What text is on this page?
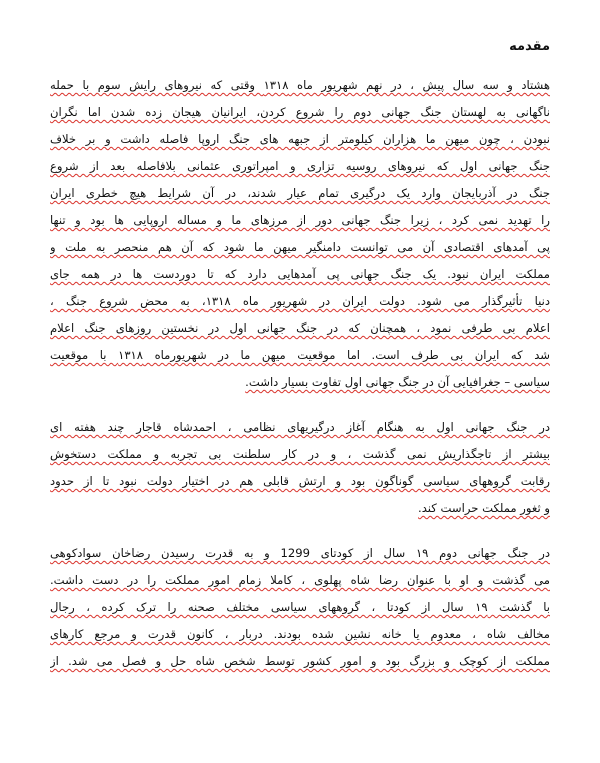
مقدمه

هشتاد و سه سال پیش ، در نهم شهریور ماه ۱۳۱۸ وقتی که نیروهای رایش سوم با حمله
ناگهانی به لهستان جنگ جهانی دوم را شروع کردن، ایرانیان هیجان زده شدن اما نگران
نبودن ، چون میهن ما هزاران کیلومتر از جبهه های جنگ اروپا فاصله داشت و بر خلاف
جنگ جهانی اول که نیروهای روسیه تزاری و امپراتوری عثمانی بلافاصله بعد از شروع
جنگ در آذربایجان وارد یک درگیری تمام عیار شدند، در آن شرایط هیچ خطری ایران
را تهدید نمی کرد ، زیرا جنگ جهانی دور از مرزهای ما و مساله اروپایی ها بود و تنها
پی آمدهای اقتصادی آن می توانست دامنگیر میهن ما شود که آن هم منحصر به ملت و
مملکت ایران نبود. یک جنگ جهانی پی آمدهایی دارد که تا دوردست ها در همه جای
دنیا تأثیرگذار می شود. دولت ایران در شهریور ماه ۱۳۱۸، به محض شروع جنگ ،
اعلام بی طرفی نمود ، همچنان که در جنگ جهانی اول در نخستین روزهای جنگ اعلام
شد که ایران بی طرف است. اما موقعیت میهن ما در شهریورماه ۱۳۱۸ با موقعیت
سیاسی – جغرافیایی آن در جنگ جهانی اول تفاوت بسیار داشت.

در جنگ جهانی اول به هنگام آغاز درگیریهای نظامی ، احمدشاه قاجار چند هفته ای
بیشتر از تاجگذاریش نمی گذشت ، و در کار سلطنت بی تجربه و مملکت دستخوش
رقابت گروههای سیاسی گوناگون بود و ارتش قابلی هم در اختیار دولت نبود تا از حدود
و ثغور مملکت حراست کند.

در جنگ جهانی دوم ۱۹ سال از کودتای 1299 و به قدرت رسیدن رضاخان سوادکوهی
می گذشت و او با عنوان رضا شاه پهلوی ، کاملا زمام امور مملکت را در دست داشت.
با گذشت ۱۹ سال از کودتا ، گروههای سیاسی مختلف صحنه را ترک کرده ، رجال
مخالف شاه ، معدوم یا خانه نشین شده بودند. دربار ، کانون قدرت و مرجع کارهای
مملکت از کوچک و بزرگ بود و امور کشور توسط شخص شاه حل و فصل می شد. از
